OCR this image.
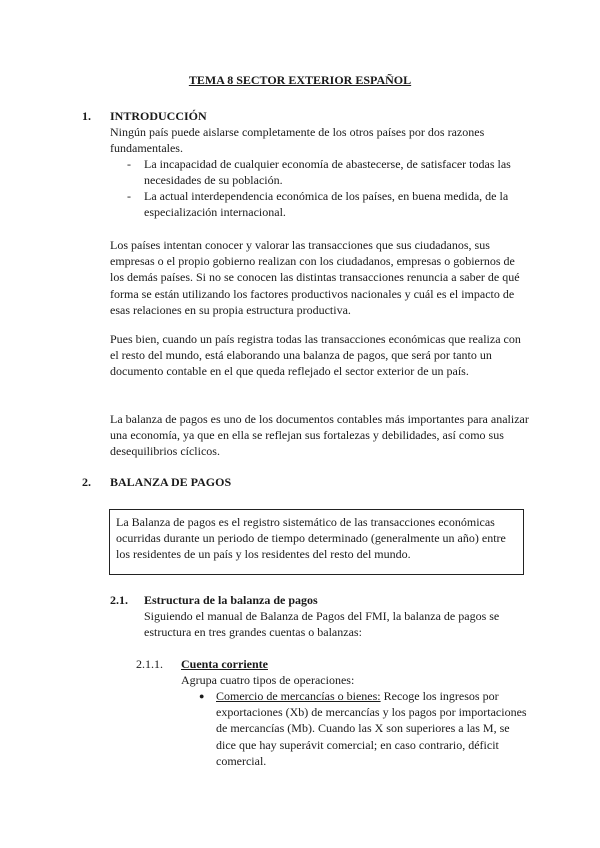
TEMA 8 SECTOR EXTERIOR ESPAÑOL
1. INTRODUCCIÓN
Ningún país puede aislarse completamente de los otros países por dos razones fundamentales.
- La incapacidad de cualquier economía de abastecerse, de satisfacer todas las necesidades de su población.
- La actual interdependencia económica de los países, en buena medida, de la especialización internacional.
Los países intentan conocer y valorar las transacciones que sus ciudadanos, sus empresas o el propio gobierno realizan con los ciudadanos, empresas o gobiernos de los demás países. Si no se conocen las distintas transacciones renuncia a saber de qué forma se están utilizando los factores productivos nacionales y cuál es el impacto de esas relaciones en su propia estructura productiva.
Pues bien, cuando un país registra todas las transacciones económicas que realiza con el resto del mundo, está elaborando una balanza de pagos, que será por tanto un documento contable en el que queda reflejado el sector exterior de un país.
La balanza de pagos es uno de los documentos contables más importantes para analizar una economía, ya que en ella se reflejan sus fortalezas y debilidades, así como sus desequilibrios cíclicos.
2. BALANZA DE PAGOS
La Balanza de pagos es el registro sistemático de las transacciones económicas ocurridas durante un periodo de tiempo determinado (generalmente un año) entre los residentes de un país y los residentes del resto del mundo.
2.1. Estructura de la balanza de pagos
Siguiendo el manual de Balanza de Pagos del FMI, la balanza de pagos se estructura en tres grandes cuentas o balanzas:
2.1.1. Cuenta corriente
Agrupa cuatro tipos de operaciones:
● Comercio de mercancías o bienes: Recoge los ingresos por exportaciones (Xb) de mercancías y los pagos por importaciones de mercancías (Mb). Cuando las X son superiores a las M, se dice que hay superávit comercial; en caso contrario, déficit comercial.
